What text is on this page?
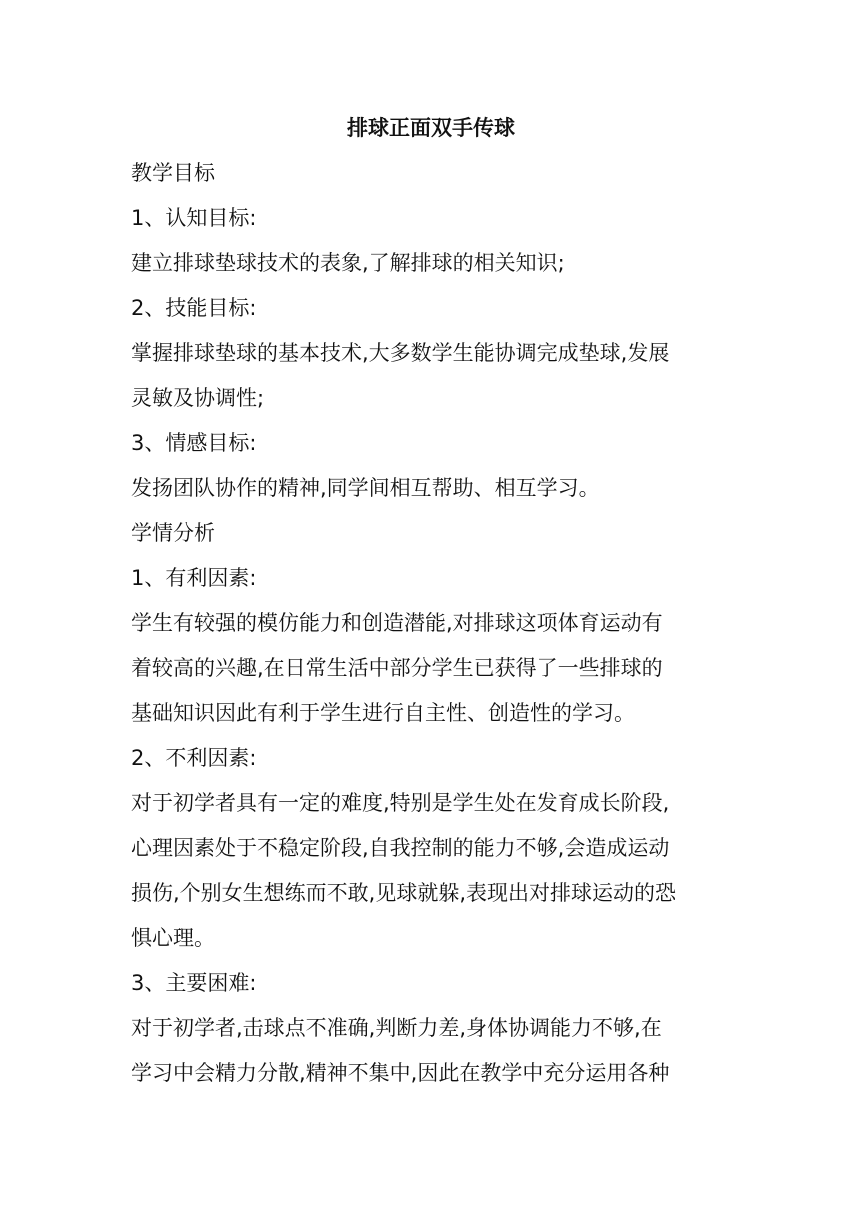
排球正面双手传球
教学目标
1、认知目标:
建立排球垫球技术的表象,了解排球的相关知识;
2、技能目标:
掌握排球垫球的基本技术,大多数学生能协调完成垫球,发展
灵敏及协调性;
3、情感目标:
发扬团队协作的精神,同学间相互帮助、相互学习。
学情分析
1、有利因素:
学生有较强的模仿能力和创造潜能,对排球这项体育运动有
着较高的兴趣,在日常生活中部分学生已获得了一些排球的
基础知识因此有利于学生进行自主性、创造性的学习。
2、不利因素:
对于初学者具有一定的难度,特别是学生处在发育成长阶段,
心理因素处于不稳定阶段,自我控制的能力不够,会造成运动
损伤,个别女生想练而不敢,见球就躲,表现出对排球运动的恐
惧心理。
3、主要困难:
对于初学者,击球点不准确,判断力差,身体协调能力不够,在
学习中会精力分散,精神不集中,因此在教学中充分运用各种
